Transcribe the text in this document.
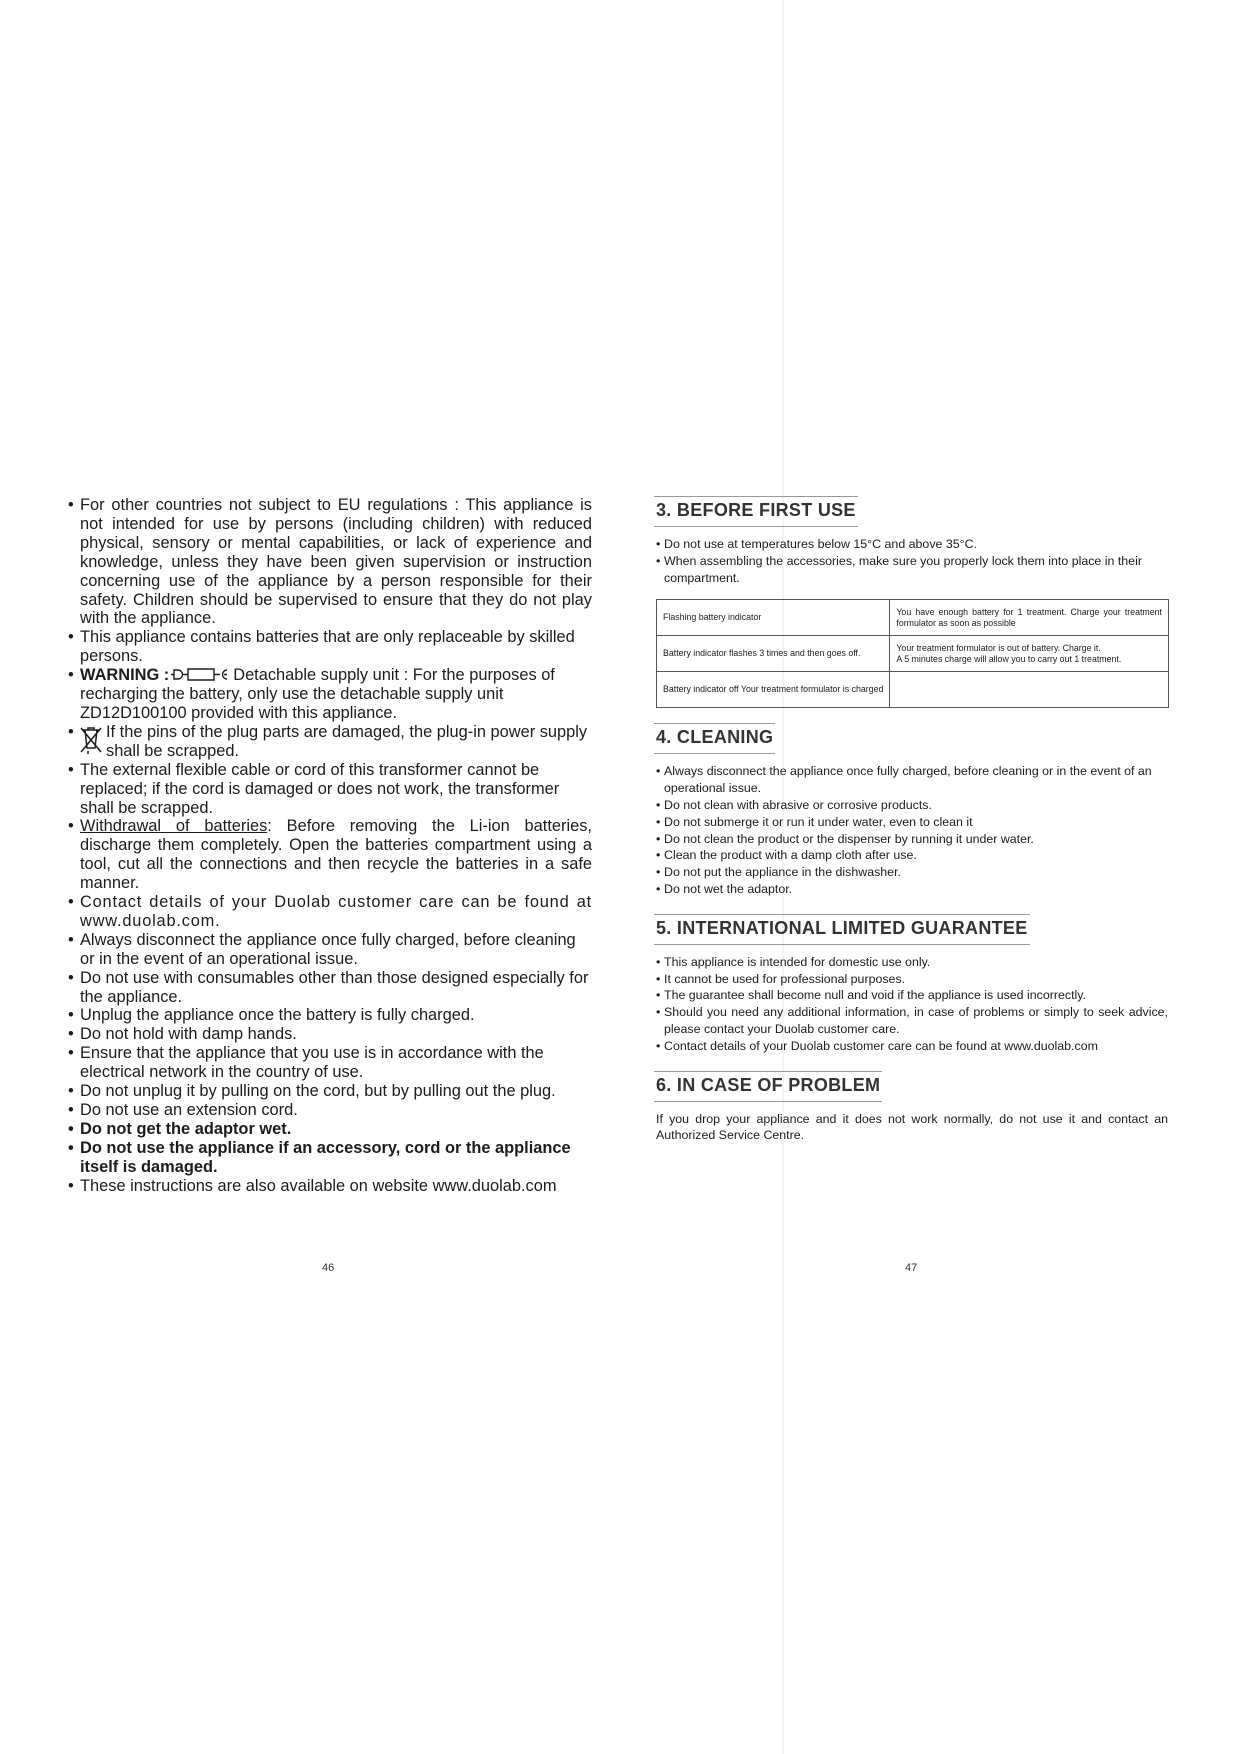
• For other countries not subject to EU regulations : This appliance is not intended for use by persons (including children) with reduced physical, sensory or mental capabilities, or lack of experience and knowledge, unless they have been given supervision or instruction concerning use of the appliance by a person responsible for their safety. Children should be supervised to ensure that they do not play with the appliance.

• This appliance contains batteries that are only replaceable by skilled persons.

• WARNING :	Detachable supply unit : For the purposes of recharging the battery, only use the detachable supply unit ZD12D100100 provided with this appliance.

• If the pins of the plug parts are damaged, the plug-in power supply shall be scrapped.

• The external flexible cable or cord of this transformer cannot be replaced; if the cord is damaged or does not work, the transformer shall be scrapped.

• Withdrawal of batteries: Before removing the Li-ion batteries, discharge them completely. Open the batteries compartment using a tool, cut all the connections and then recycle the batteries in a safe manner.

• Contact details of your Duolab customer care can be found at www.duolab.com.

• Always disconnect the appliance once fully charged, before cleaning or in the event of an operational issue.

• Do not use with consumables other than those designed especially for the appliance.

• Unplug the appliance once the battery is fully charged.

• Do not hold with damp hands.

• Ensure that the appliance that you use is in accordance with the electrical network in the country of use.

• Do not unplug it by pulling on the cord, but by pulling out the plug.

• Do not use an extension cord.

• Do not get the adaptor wet.

• Do not use the appliance if an accessory, cord or the appliance itself is damaged.

• These instructions are also available on website www.duolab.com

3. BEFORE FIRST USE

• Do not use at temperatures below 15°C and above 35°C.

• When assembling the accessories, make sure you properly lock them into place in their compartment.

Flashing battery indicator	You have enough battery for 1 treatment. Charge your treatment formulator as soon as possible
Battery indicator flashes 3 times and then goes off.	Your treatment formulator is out of battery. Charge it.
A 5 minutes charge will allow you to carry out 1 treatment.

Battery indicator off Your treatment formulator is charged	
4. CLEANING

• Always disconnect the appliance once fully charged, before cleaning or in the event of an operational issue.

• Do not clean with abrasive or corrosive products.

• Do not submerge it or run it under water, even to clean it

• Do not clean the product or the dispenser by running it under water.

• Clean the product with a damp cloth after use.

• Do not put the appliance in the dishwasher.

• Do not wet the adaptor.

5. INTERNATIONAL LIMITED GUARANTEE

• This appliance is intended for domestic use only.

• It cannot be used for professional purposes.

• The guarantee shall become null and void if the appliance is used incorrectly.

• Should you need any additional information, in case of problems or simply to seek advice, please contact your Duolab customer care.

• Contact details of your Duolab customer care can be found at www.duolab.com

6. IN CASE OF PROBLEM

If you drop your appliance and it does not work normally, do not use it and contact an Authorized Service Centre.

46	47
